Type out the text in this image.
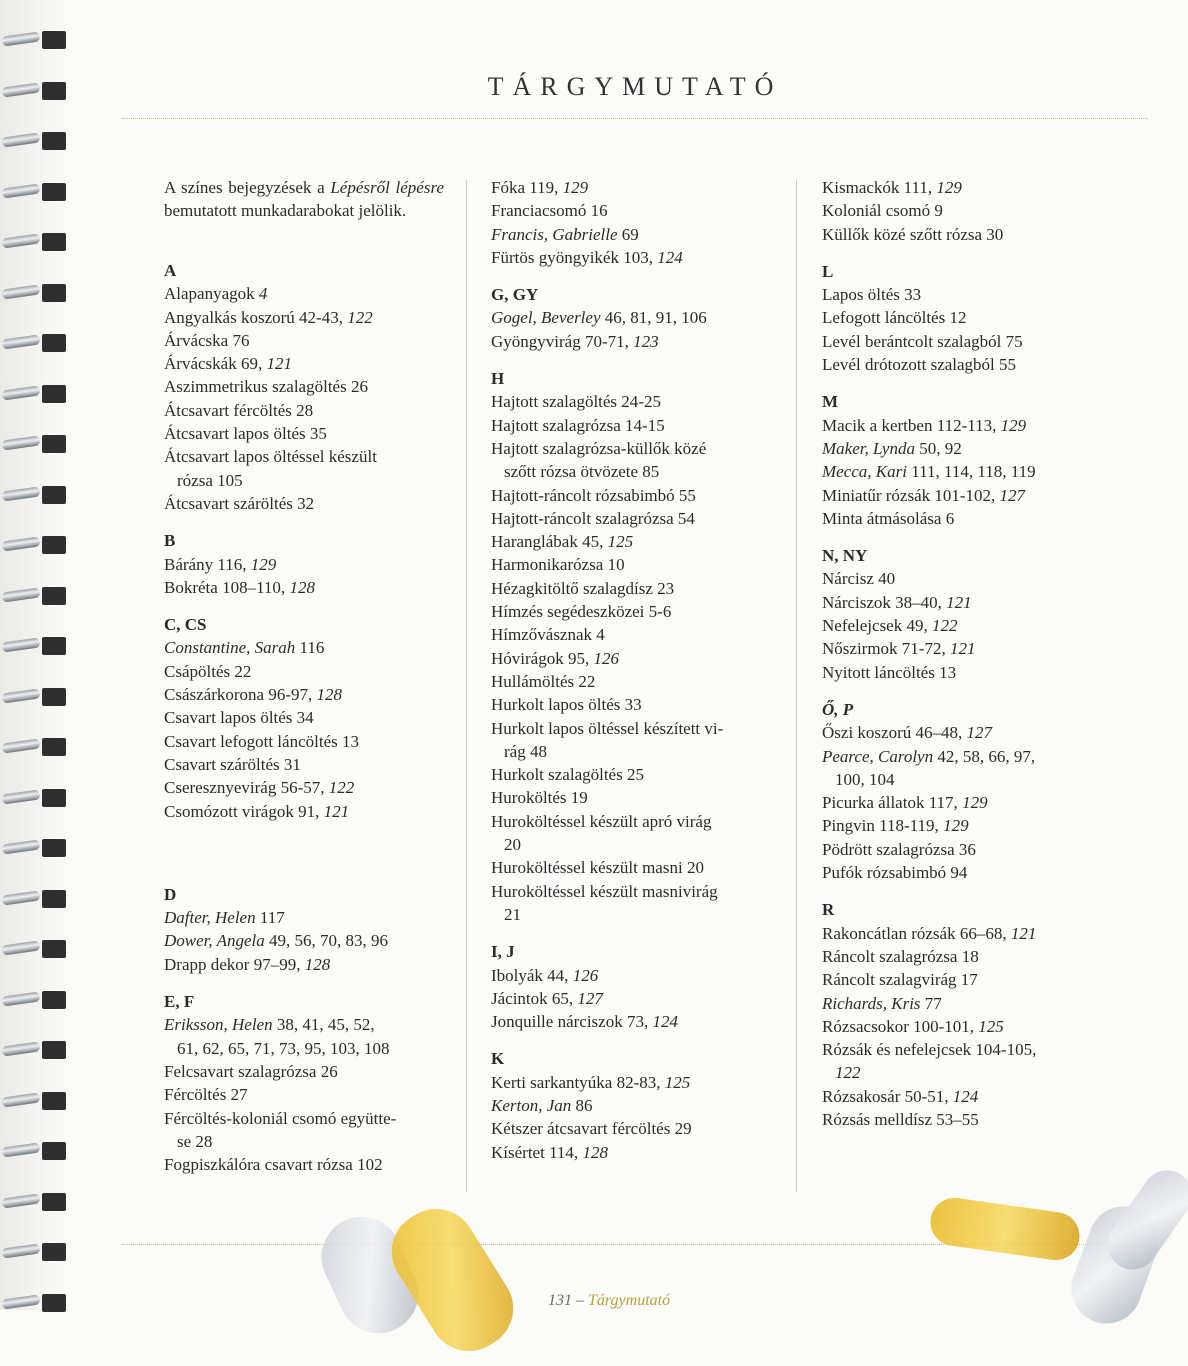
TÁRGYMUTATÓ
A színes bejegyzések a Lépésről lépésre bemutatott munkadarabokat jelölik.
A
Alapanyagok 4
Angyalkás koszorú 42-43, 122
Árvácska 76
Árvácskák 69, 121
Aszimmetrikus szalagöltés 26
Átcsavart fércöltés 28
Átcsavart lapos öltés 35
Átcsavart lapos öltéssel készült
rózsa 105
Átcsavart száröltés 32
B
Bárány 116, 129
Bokréta 108–110, 128
C, CS
Constantine, Sarah 116
Csápöltés 22
Császárkorona 96-97, 128
Csavart lapos öltés 34
Csavart lefogott láncöltés 13
Csavart száröltés 31
Cseresznyevirág 56-57, 122
Csomózott virágok 91, 121
D
Dafter, Helen 117
Dower, Angela 49, 56, 70, 83, 96
Drapp dekor 97–99, 128
E, F
Eriksson, Helen 38, 41, 45, 52,
61, 62, 65, 71, 73, 95, 103, 108
Felcsavart szalagrózsa 26
Fércöltés 27
Fércöltés-koloniál csomó együtte-
se 28
Fogpiszkálóra csavart rózsa 102
Fóka 119, 129
Franciacsomó 16
Francis, Gabrielle 69
Fürtös gyöngyikék 103, 124
G, GY
Gogel, Beverley 46, 81, 91, 106
Gyöngyvirág 70-71, 123
H
Hajtott szalagöltés 24-25
Hajtott szalagrózsa 14-15
Hajtott szalagrózsa-küllők közé
szőtt rózsa ötvözete 85
Hajtott-ráncolt rózsabimbó 55
Hajtott-ráncolt szalagrózsa 54
Haranglábak 45, 125
Harmonikarózsa 10
Hézagkitöltő szalagdísz 23
Hímzés segédeszközei 5-6
Hímzővásznak 4
Hóvirágok 95, 126
Hullámöltés 22
Hurkolt lapos öltés 33
Hurkolt lapos öltéssel készített vi-
rág 48
Hurkolt szalagöltés 25
Huroköltés 19
Huroköltéssel készült apró virág
20
Huroköltéssel készült masni 20
Huroköltéssel készült masnivirág
21
I, J
Ibolyák 44, 126
Jácintok 65, 127
Jonquille nárciszok 73, 124
K
Kerti sarkantyúka 82-83, 125
Kerton, Jan 86
Kétszer átcsavart fércöltés 29
Kísértet 114, 128
Kismackók 111, 129
Koloniál csomó 9
Küllők közé szőtt rózsa 30
L
Lapos öltés 33
Lefogott láncöltés 12
Levél berántcolt szalagból 75
Levél drótozott szalagból 55
M
Macik a kertben 112-113, 129
Maker, Lynda 50, 92
Mecca, Kari 111, 114, 118, 119
Miniatűr rózsák 101-102, 127
Minta átmásolása 6
N, NY
Nárcisz 40
Nárciszok 38–40, 121
Nefelejcsek 49, 122
Nőszirmok 71-72, 121
Nyitott láncöltés 13
Ő, P
Őszi koszorú 46–48, 127
Pearce, Carolyn 42, 58, 66, 97,
100, 104
Picurka állatok 117, 129
Pingvin 118-119, 129
Pödrött szalagrózsa 36
Pufók rózsabimbó 94
R
Rakoncátlan rózsák 66–68, 121
Ráncolt szalagrózsa 18
Ráncolt szalagvirág 17
Richards, Kris 77
Rózsacsokor 100-101, 125
Rózsák és nefelejcsek 104-105,
122
Rózsakosár 50-51, 124
Rózsás melldísz 53–55
131 – Tárgymutató
